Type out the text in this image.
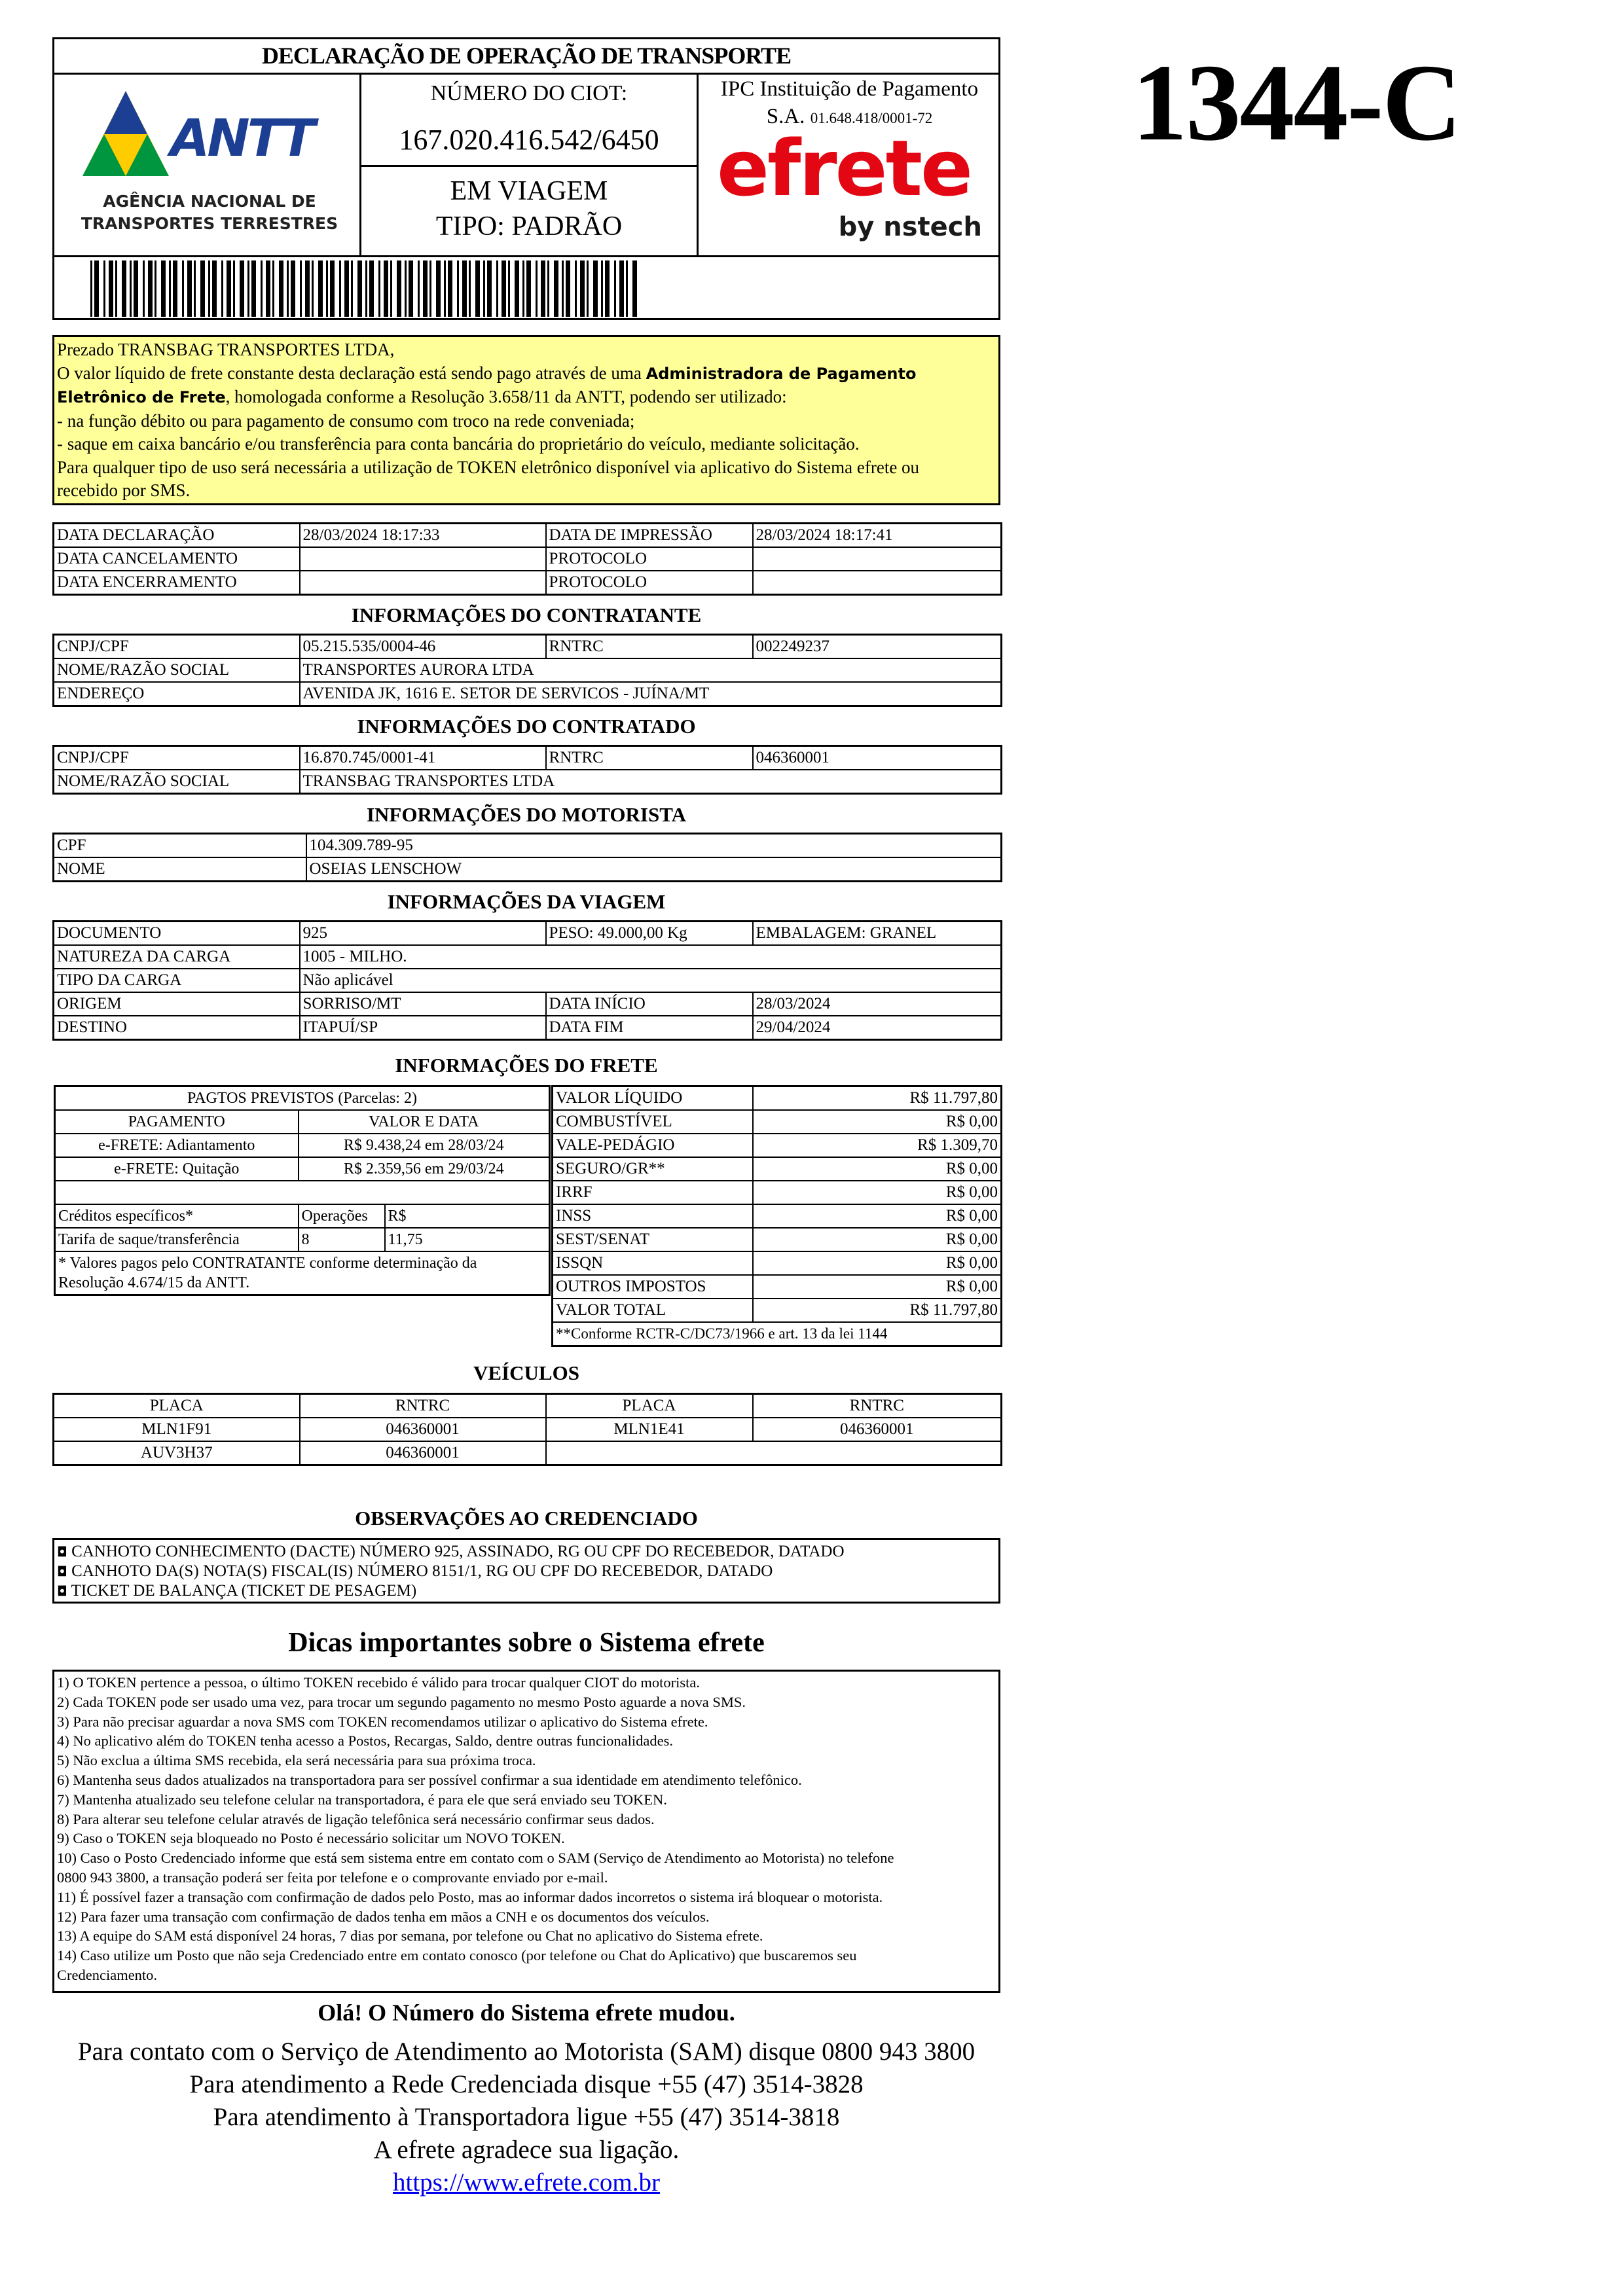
DECLARAÇÃO DE OPERAÇÃO DE TRANSPORTE
ANTT
AGÊNCIA NACIONAL DE
TRANSPORTES TERRESTRES
NÚMERO DO CIOT:
167.020.416.542/6450
EM VIAGEM
TIPO: PADRÃO
IPC Instituição de Pagamento
S.A. 01.648.418/0001-72
efrete
by nstech
1344-C
Prezado TRANSBAG TRANSPORTES LTDA,
O valor líquido de frete constante desta declaração está sendo pago através de uma Administradora de Pagamento
Eletrônico de Frete, homologada conforme a Resolução 3.658/11 da ANTT, podendo ser utilizado:
- na função débito ou para pagamento de consumo com troco na rede conveniada;
- saque em caixa bancário e/ou transferência para conta bancária do proprietário do veículo, mediante solicitação.
Para qualquer tipo de uso será necessária a utilização de TOKEN eletrônico disponível via aplicativo do Sistema efrete ou
recebido por SMS.
DATA DECLARAÇÃO	28/03/2024 18:17:33	DATA DE IMPRESSÃO	28/03/2024 18:17:41
DATA CANCELAMENTO		PROTOCOLO	
DATA ENCERRAMENTO		PROTOCOLO	
INFORMAÇÕES DO CONTRATANTE
CNPJ/CPF	05.215.535/0004-46	RNTRC	002249237
NOME/RAZÃO SOCIAL	TRANSPORTES AURORA LTDA		
ENDEREÇO	AVENIDA JK, 1616 E. SETOR DE SERVICOS - JUÍNA/MT		
INFORMAÇÕES DO CONTRATADO
CNPJ/CPF	16.870.745/0001-41	RNTRC	046360001
NOME/RAZÃO SOCIAL	TRANSBAG TRANSPORTES LTDA		
INFORMAÇÕES DO MOTORISTA
CPF	104.309.789-95
NOME	OSEIAS LENSCHOW
INFORMAÇÕES DA VIAGEM
DOCUMENTO	925	PESO: 49.000,00 Kg	EMBALAGEM: GRANEL
NATUREZA DA CARGA	1005 - MILHO.		
TIPO DA CARGA	Não aplicável		
ORIGEM	SORRISO/MT	DATA INÍCIO	28/03/2024
DESTINO	ITAPUÍ/SP	DATA FIM	29/04/2024
INFORMAÇÕES DO FRETE
PAGTOS PREVISTOS (Parcelas: 2)		
PAGAMENTO	VALOR E DATA	
e-FRETE: Adiantamento	R$ 9.438,24 em 28/03/24	
e-FRETE: Quitação	R$ 2.359,56 em 29/03/24	

Créditos específicos*	Operações	R$
Tarifa de saque/transferência	8	11,75

* Valores pagos pelo CONTRATANTE conforme determinação da
Resolução 4.674/15 da ANTT.		
VALOR LÍQUIDO	R$ 11.797,80
COMBUSTÍVEL	R$ 0,00
VALE-PEDÁGIO	R$ 1.309,70
SEGURO/GR**	R$ 0,00
IRRF	R$ 0,00
INSS	R$ 0,00
SEST/SENAT	R$ 0,00
ISSQN	R$ 0,00
OUTROS IMPOSTOS	R$ 0,00
VALOR TOTAL	R$ 11.797,80
**Conforme RCTR-C/DC73/1966 e art. 13 da lei 1144	
VEÍCULOS
PLACA	RNTRC	PLACA	RNTRC
MLN1F91	046360001	MLN1E41	046360001
AUV3H37	046360001		
OBSERVAÇÕES AO CREDENCIADO
◘ CANHOTO CONHECIMENTO (DACTE) NÚMERO 925, ASSINADO, RG OU CPF DO RECEBEDOR, DATADO
◘ CANHOTO DA(S) NOTA(S) FISCAL(IS) NÚMERO 8151/1, RG OU CPF DO RECEBEDOR, DATADO
◘ TICKET DE BALANÇA (TICKET DE PESAGEM)
Dicas importantes sobre o Sistema efrete
1) O TOKEN pertence a pessoa, o último TOKEN recebido é válido para trocar qualquer CIOT do motorista.
2) Cada TOKEN pode ser usado uma vez, para trocar um segundo pagamento no mesmo Posto aguarde a nova SMS.
3) Para não precisar aguardar a nova SMS com TOKEN recomendamos utilizar o aplicativo do Sistema efrete.
4) No aplicativo além do TOKEN tenha acesso a Postos, Recargas, Saldo, dentre outras funcionalidades.
5) Não exclua a última SMS recebida, ela será necessária para sua próxima troca.
6) Mantenha seus dados atualizados na transportadora para ser possível confirmar a sua identidade em atendimento telefônico.
7) Mantenha atualizado seu telefone celular na transportadora, é para ele que será enviado seu TOKEN.
8) Para alterar seu telefone celular através de ligação telefônica será necessário confirmar seus dados.
9) Caso o TOKEN seja bloqueado no Posto é necessário solicitar um NOVO TOKEN.
10) Caso o Posto Credenciado informe que está sem sistema entre em contato com o SAM (Serviço de Atendimento ao Motorista) no telefone
0800 943 3800, a transação poderá ser feita por telefone e o comprovante enviado por e-mail.
11) É possível fazer a transação com confirmação de dados pelo Posto, mas ao informar dados incorretos o sistema irá bloquear o motorista.
12) Para fazer uma transação com confirmação de dados tenha em mãos a CNH e os documentos dos veículos.
13) A equipe do SAM está disponível 24 horas, 7 dias por semana, por telefone ou Chat no aplicativo do Sistema efrete.
14) Caso utilize um Posto que não seja Credenciado entre em contato conosco (por telefone ou Chat do Aplicativo) que buscaremos seu
Credenciamento.
Olá! O Número do Sistema efrete mudou.
Para contato com o Serviço de Atendimento ao Motorista (SAM) disque 0800 943 3800
Para atendimento a Rede Credenciada disque +55 (47) 3514-3828
Para atendimento à Transportadora ligue +55 (47) 3514-3818
A efrete agradece sua ligação.
https://www.efrete.com.br
